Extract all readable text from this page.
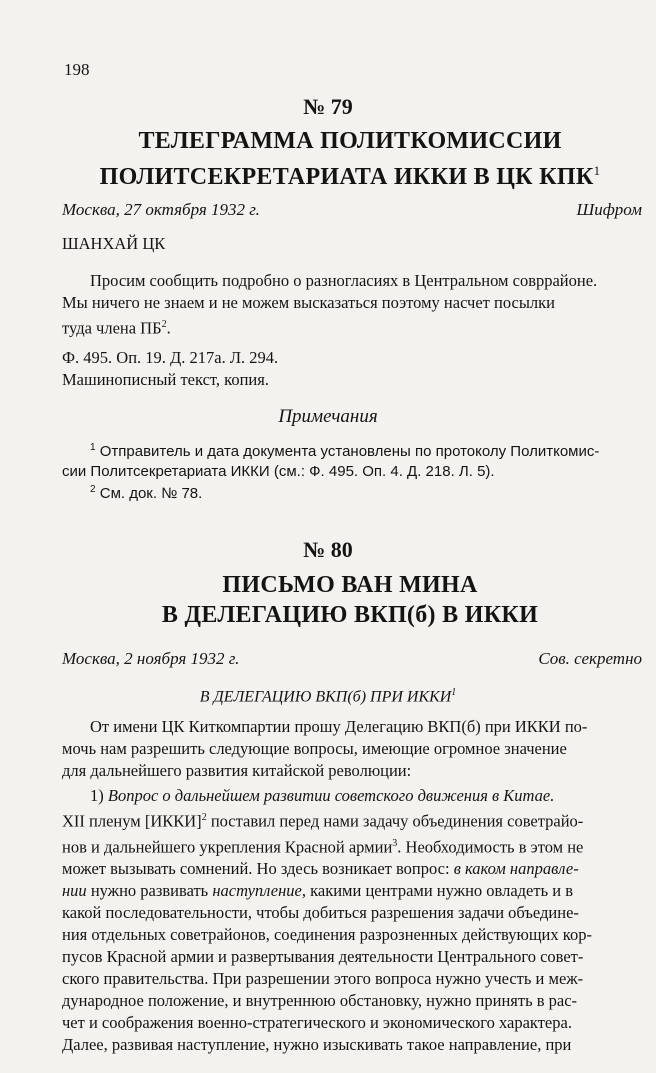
198
№ 79
ТЕЛЕГРАММА ПОЛИТКОМИССИИ
ПОЛИТСЕКРЕТАРИАТА ИККИ В ЦК КПК$^1$
Москва, 27 октября 1932 г.	Шифром
ШАНХАЙ ЦК
Просим сообщить подробно о разногласиях в Центральном совррайоне.
Мы ничего не знаем и не можем высказаться поэтому насчет посылки
туда члена $ПБ^2$.
Ф. 495. Оп. 19. Д. 217а. Л. 294.
Машинописный текст, копия.
Примечания
$^1$ Отправитель и дата документа установлены по протоколу Политкомис-
сии Политсекретариата ИККИ (см.: Ф. 495. Оп. 4. Д. 218. Л. 5).
$^2$ См. док. № 78.
№ 80
ПИСЬМО ВАН МИНА
В ДЕЛЕГАЦИЮ ВКП(б) В ИККИ
Москва, 2 ноября 1932 г.	Сов. секретно
В ДЕЛЕГАЦИЮ ВКП(б) ПРИ ИККИ$^1$
От имени ЦК Киткомпартии прошу Делегацию ВКП(б) при ИККИ по-
мочь нам разрешить следующие вопросы, имеющие огромное значение
для дальнейшего развития китайской революции:
1) Вопрос о дальнейшем развитии советского движения в Китае.
XII пленум [ИККИ]$^2$ поставил перед нами задачу объединения советрайо-
нов и дальнейшего укрепления Красной армии$^3$. Необходимость в этом не
может вызывать сомнений. Но здесь возникает вопрос: в каком направле-
нии нужно развивать наступление, какими центрами нужно овладеть и в
какой последовательности, чтобы добиться разрешения задачи объедине-
ния отдельных советрайонов, соединения разрозненных действующих кор-
пусов Красной армии и развертывания деятельности Центрального совет-
ского правительства. При разрешении этого вопроса нужно учесть и меж-
дународное положение, и внутреннюю обстановку, нужно принять в рас-
чет и соображения военно-стратегического и экономического характера.
Далее, развивая наступление, нужно изыскивать такое направление, при
